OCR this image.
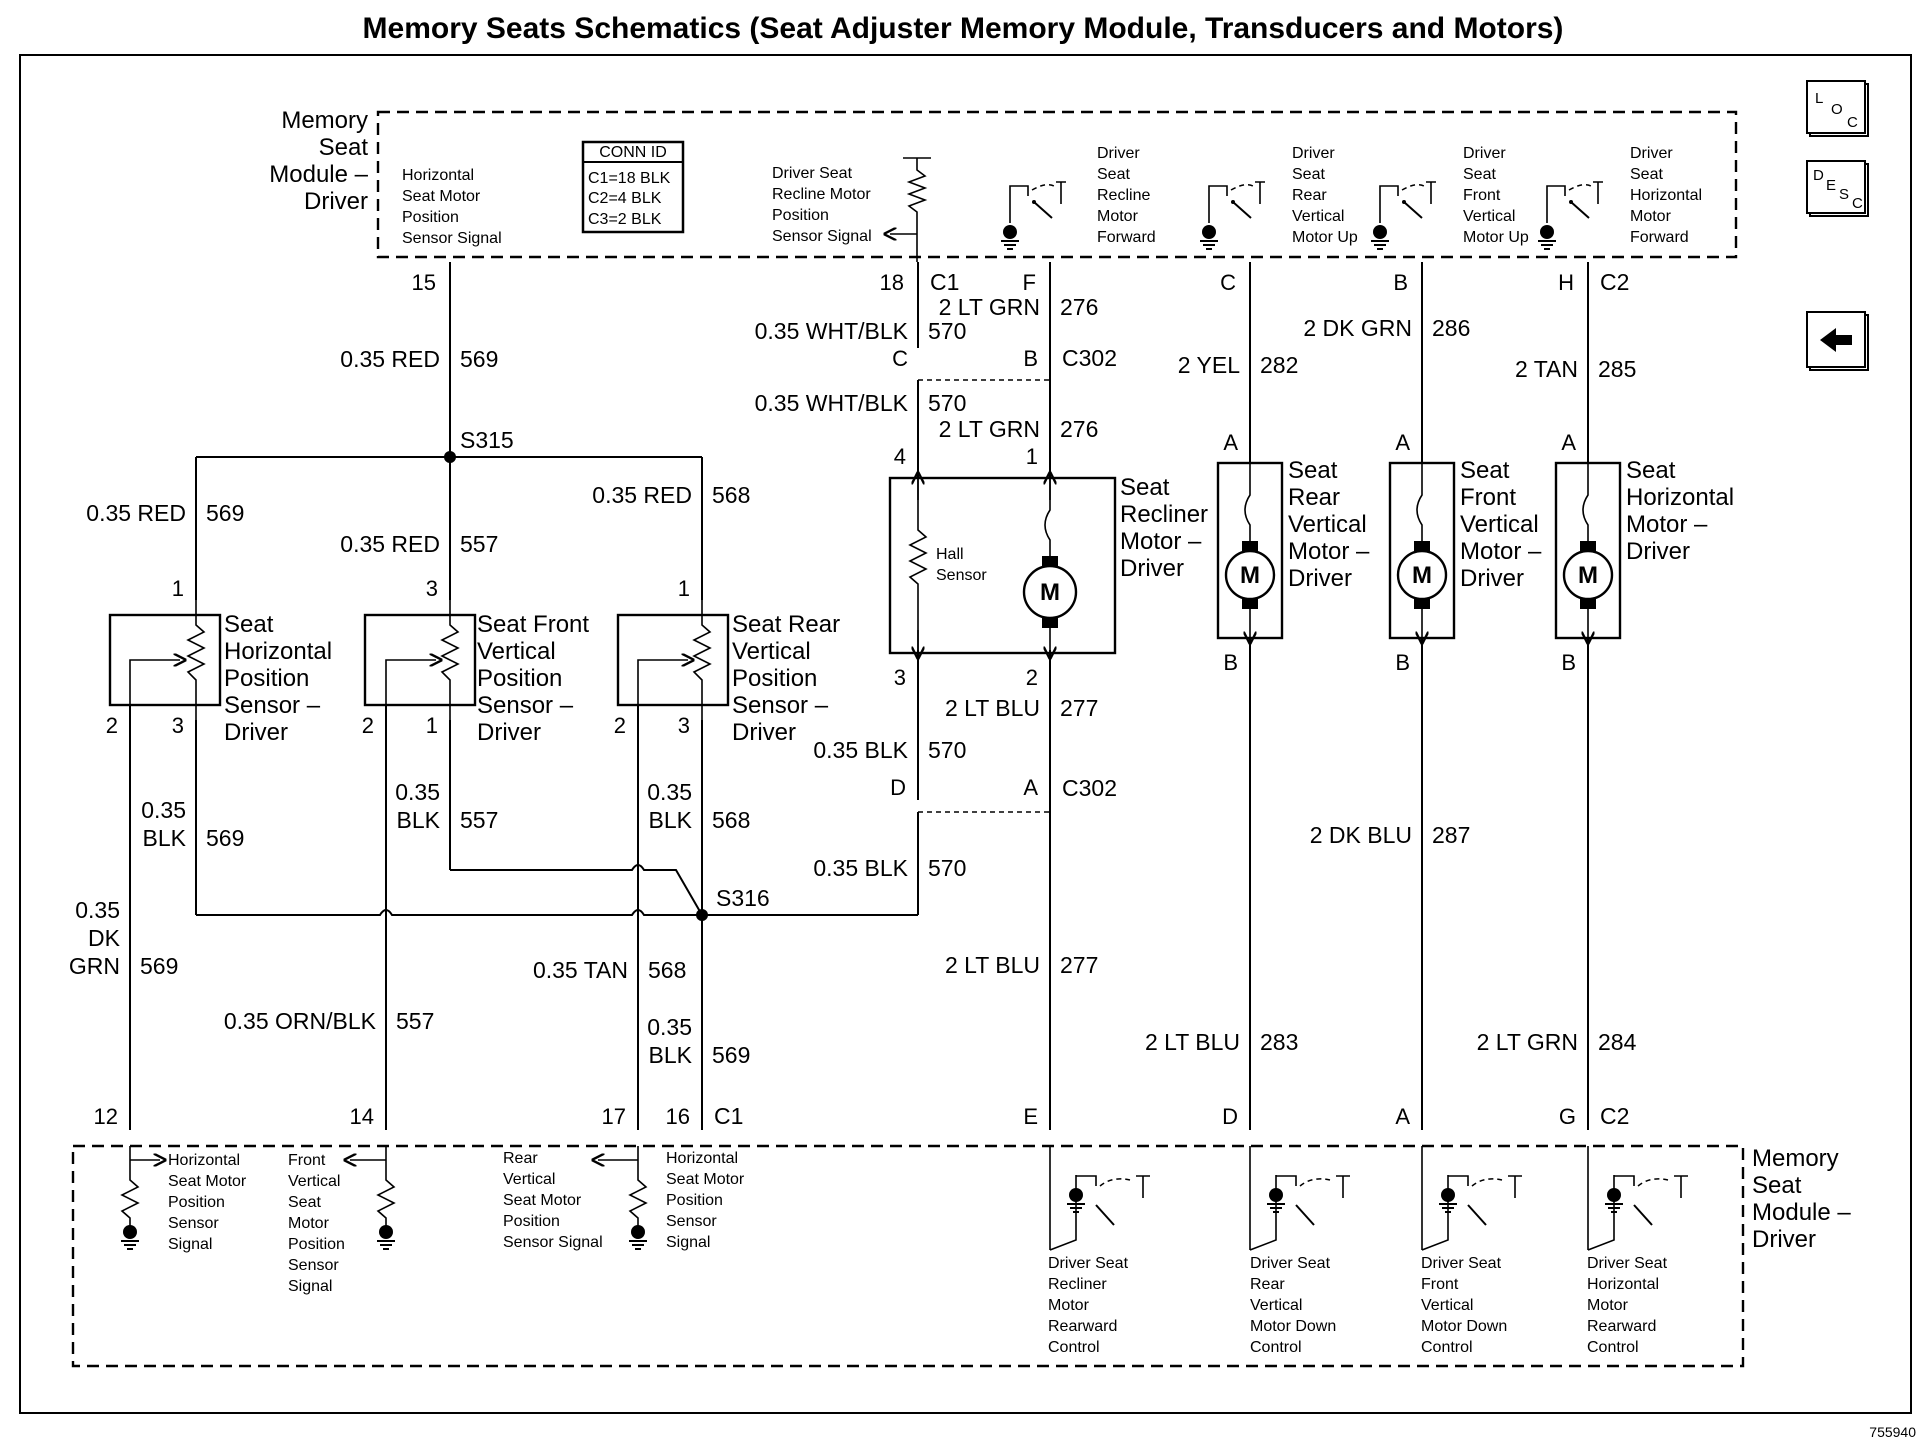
Memory Seats Schematics (Seat Adjuster Memory Module, Transducers and Motors)
Memory
Seat
Module –
Driver
Memory
Seat
Module –
Driver
CONN ID
C1=18 BLK
C2=4 BLK
C3=2 BLK
Horizontal
Seat Motor
Position
Sensor Signal
Driver Seat
Recline Motor
Position
Sensor Signal
Driver
Seat
Recline
Motor
Forward
Driver
Seat
Rear
Vertical
Motor Up
Driver
Seat
Front
Vertical
Motor Up
Driver
Seat
Horizontal
Motor
Forward
M
M	M	M
Horizontal
Seat Motor
Position
Sensor
Signal
Front
Vertical
Seat
Motor
Position
Sensor
Signal
Rear
Vertical
Seat Motor
Position
Sensor Signal
Horizontal
Seat Motor
Position
Sensor
Signal
Driver Seat
Recliner
Motor
Rearward
Control
Driver Seat
Rear
Vertical
Motor Down
Control
Driver Seat
Front
Vertical
Motor Down
Control
Driver Seat
Horizontal
Motor
Rearward
Control
Seat
Horizontal
Position
Sensor –
Driver
Seat Front
Vertical
Position
Sensor –
Driver
Seat Rear
Vertical
Position
Sensor –
Driver
Seat
Recliner
Motor –
Driver
Seat
Rear
Vertical
Motor –
Driver
Seat
Front
Vertical
Motor –
Driver
Seat
Horizontal
Motor –
Driver
Hall
Sensor
S315
S316
C1	C2
C302
C302
C1	C2
15	18	F	C	B	H
C	B
4	1
A	A	A
B	B	B
1
2 3
3
2 1
1
2 3
3	2
D	A
12	14	17 16	E	D	A	G
0.35 RED 569
2 LT GRN 276
0.35 WHT/BLK 570	2 DK GRN 286
2 YEL 282	2 TAN 285
0.35 WHT/BLK 570
2 LT GRN 276
0.35 RED 569
0.35 RED 557
0.35 RED 568
2 LT BLU 277
0.35 BLK 570
0.35
BLK 569
0.35
BLK 557
0.35
BLK 568
0.35 BLK 570
2 DK BLU 287
0.35
DK
GRN 569	0.35 TAN 568	2 LT BLU 277
0.35 ORN/BLK 557	0.35
BLK 569	2 LT BLU 283	2 LT GRN 284
L
O
C
D
E
S
C
755940
